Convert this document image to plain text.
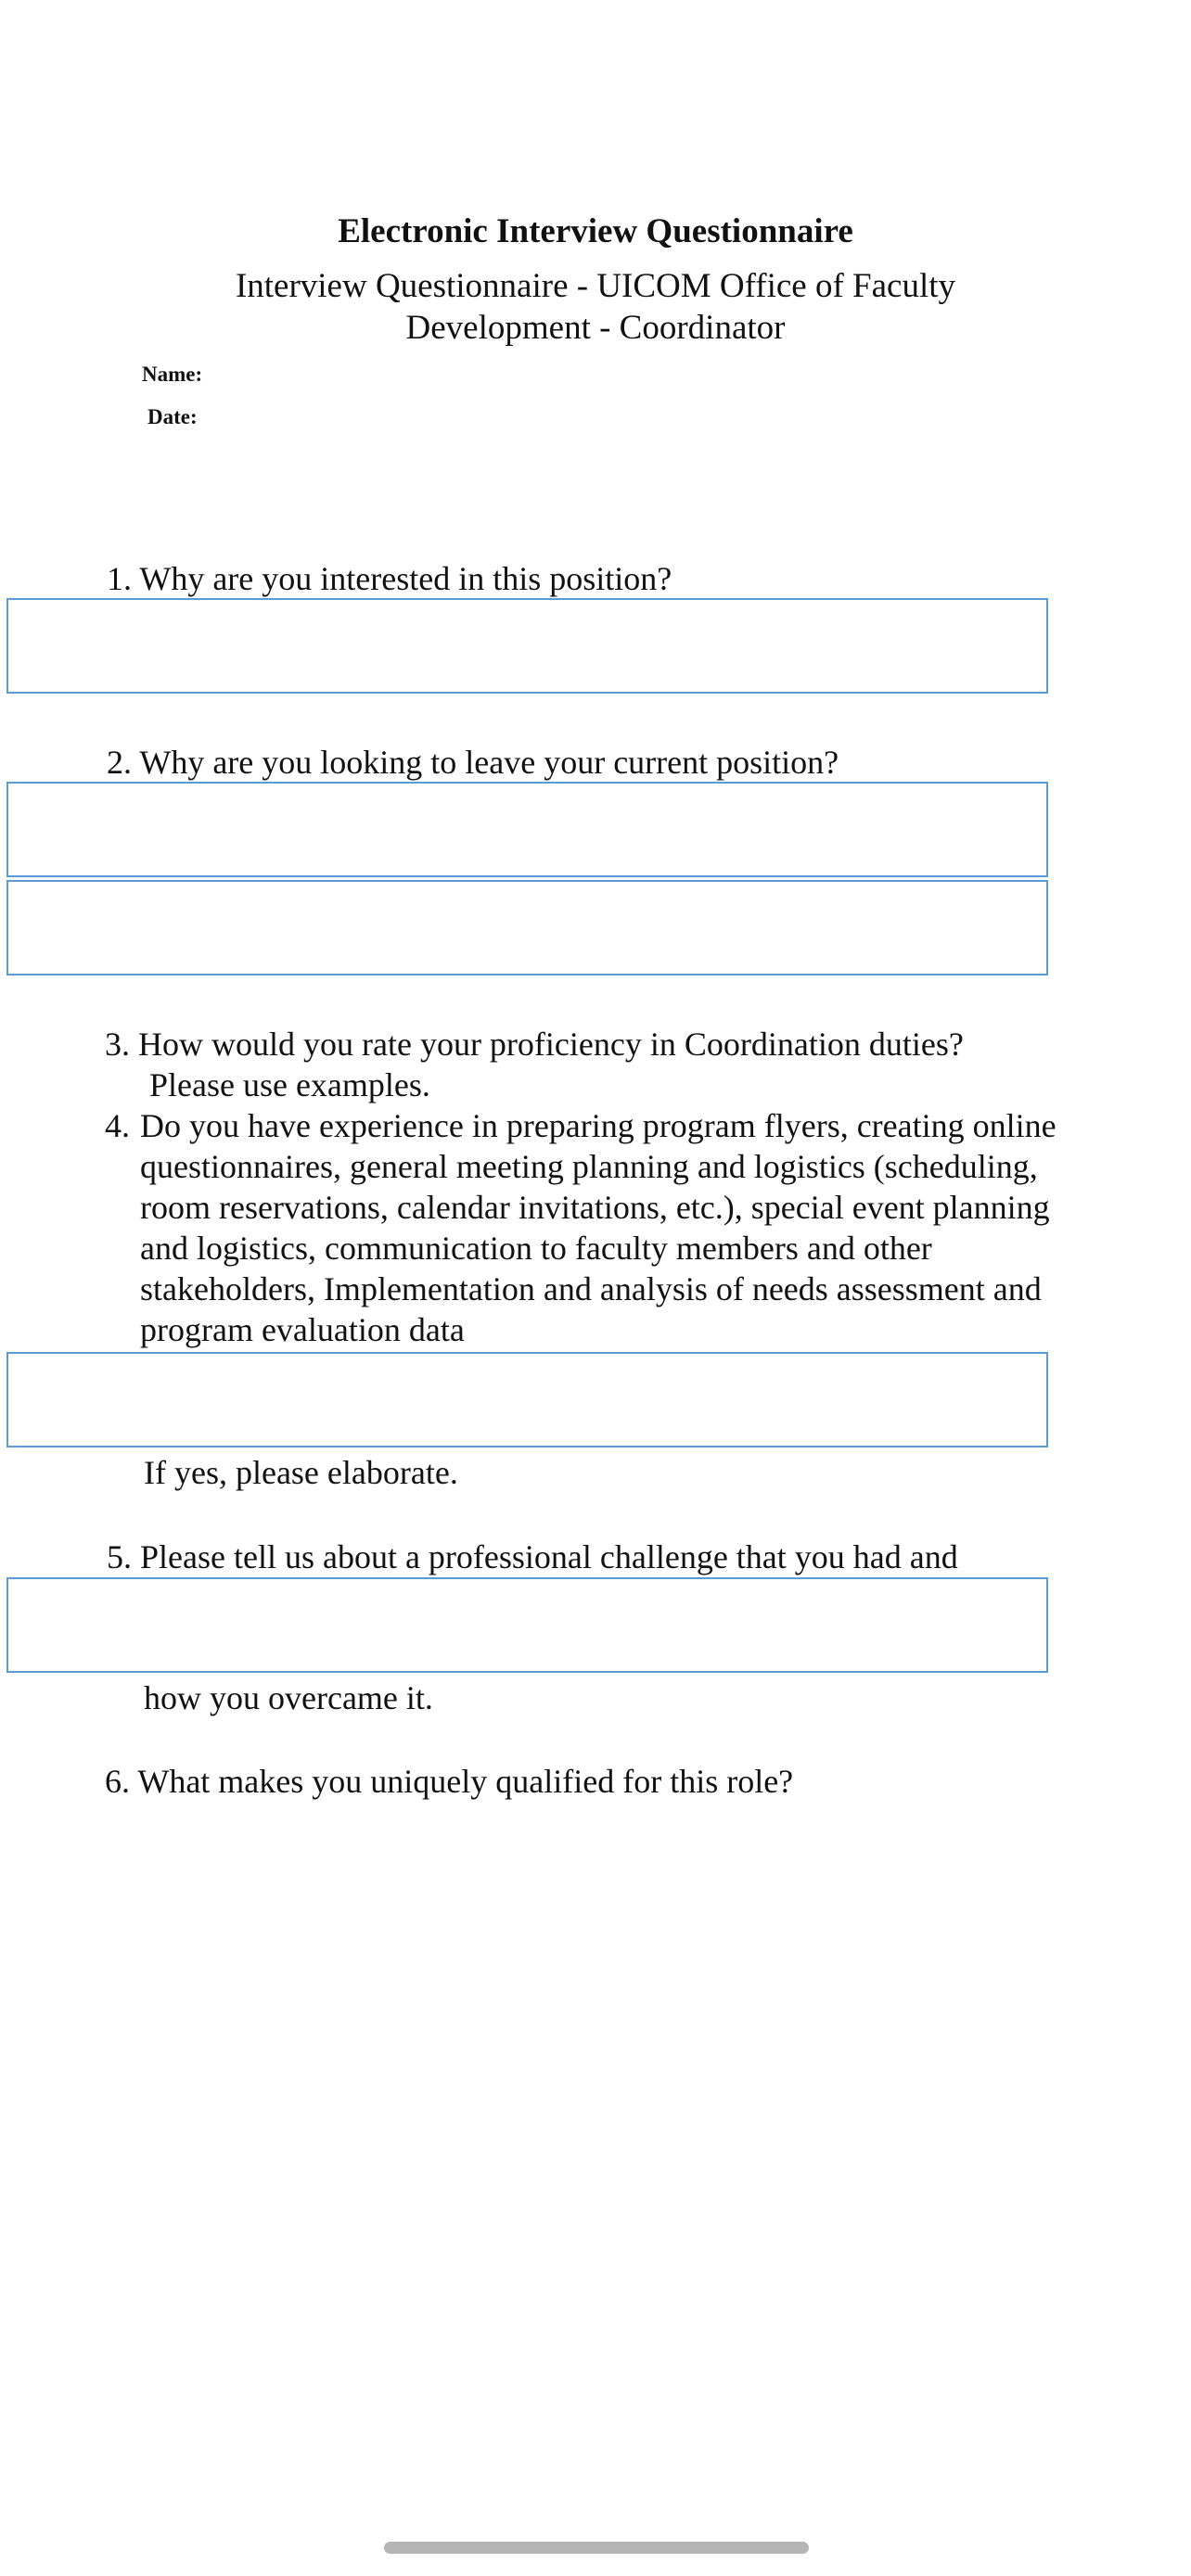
Electronic Interview Questionnaire
Interview Questionnaire - UICOM Office of Faculty Development - Coordinator
Name:
Date:
1. Why are you interested in this position?
2. Why are you looking to leave your current position?
3. How would you rate your proficiency in Coordination duties?
Please use examples.
4. Do you have experience in preparing program flyers, creating online questionnaires, general meeting planning and logistics (scheduling, room reservations, calendar invitations, etc.), special event planning and logistics, communication to faculty members and other stakeholders, Implementation and analysis of needs assessment and program evaluation data
If yes, please elaborate.
5. Please tell us about a professional challenge that you had and
how you overcame it.
6. What makes you uniquely qualified for this role?
